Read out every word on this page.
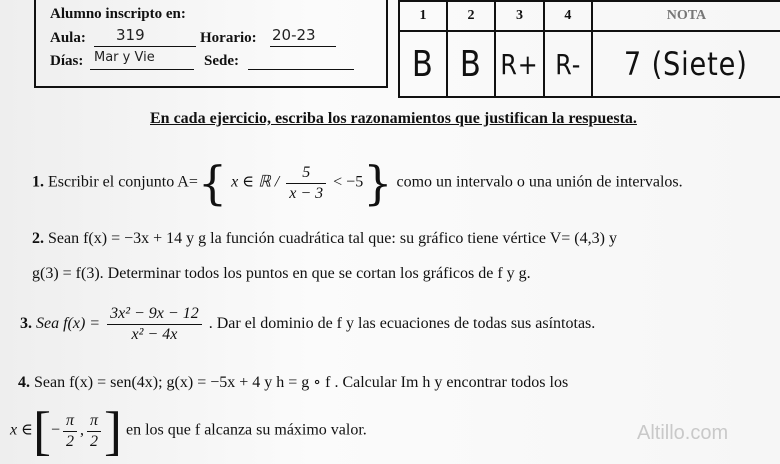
Alumno inscripto en:
Aula: 319	Horario: 20-23
Días: Mar y Vie	Sede:
1	2	3	4	NOTA
B	B	R+	R-	7 (Siete)
En cada ejercicio, escriba los razonamientos que justifican la respuesta.
1. Escribir el conjunto A={ x ∈ ℝ / $\frac{5}{x - 3} < -5$} como un intervalo o una unión de intervalos.
2. Sean f(x) = −3x + 14 y g la función cuadrática tal que: su gráfico tiene vértice V= (4,3) y
g(3) = f(3). Determinar todos los puntos en que se cortan los gráficos de f y g.
3. Sea $f(x) = \frac{\text{3x² − 9x − 12}}{\text{x² − 4x}}$ . Dar el dominio de f y las ecuaciones de todas sus asíntotas.
4. Sean f(x) = sen(4x); g(x) = −5x + 4 y h = g ∘ f . Calcular Im h y encontrar todos los
x ∈[− $\frac{\pi}{2}$ , $\frac{\pi}{2}$ ] en los que f alcanza su máximo valor.	Altillo.com
